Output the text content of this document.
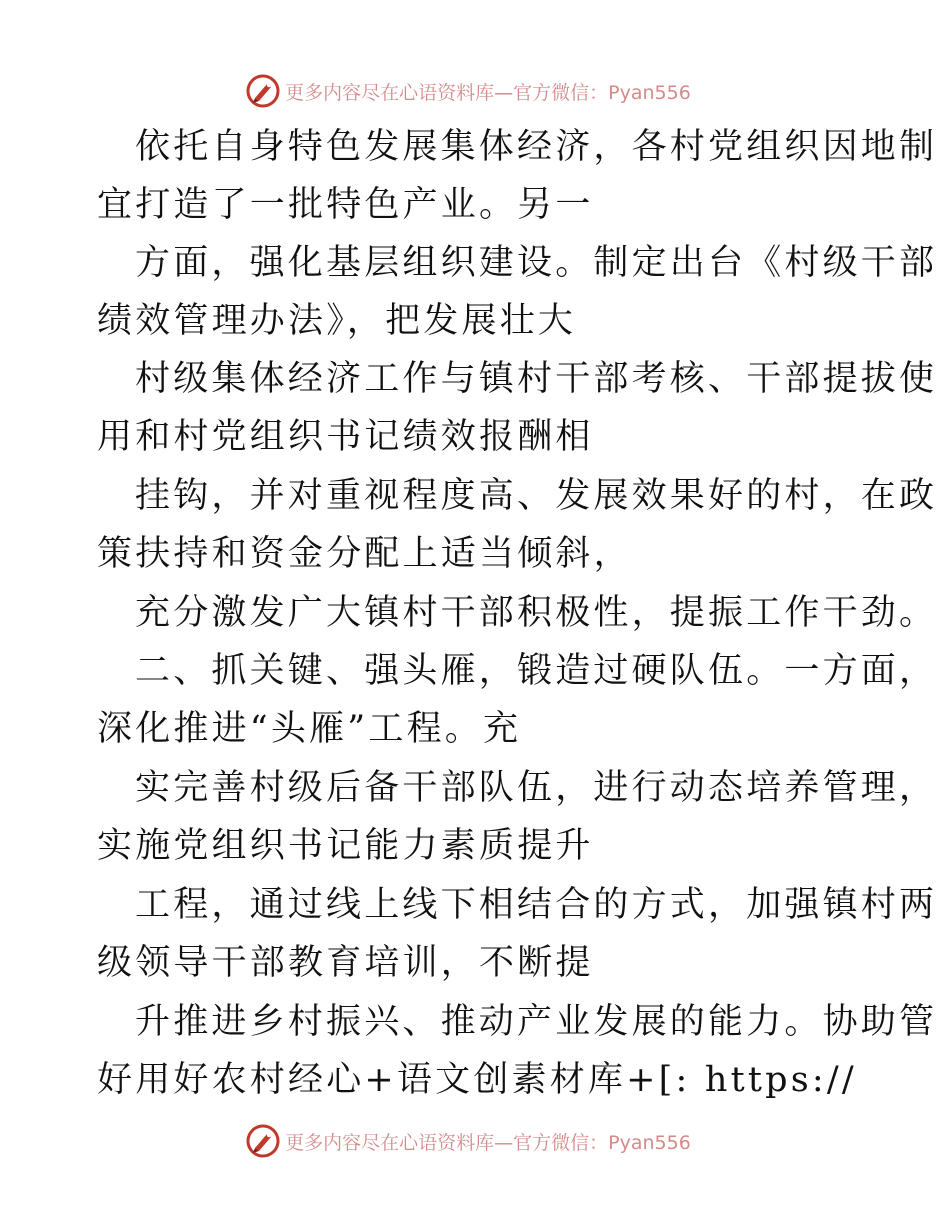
更多内容尽在心语资料库—官方微信：Pyan556
依托自身特色发展集体经济，各村党组织因地制
宜打造了一批特色产业。另一
方面，强化基层组织建设。制定出台《村级干部
绩效管理办法》，把发展壮大
村级集体经济工作与镇村干部考核、干部提拔使
用和村党组织书记绩效报酬相
挂钩，并对重视程度高、发展效果好的村，在政
策扶持和资金分配上适当倾斜，
充分激发广大镇村干部积极性，提振工作干劲。
二、抓关键、强头雁，锻造过硬队伍。一方面，
深化推进“头雁”工程。充
实完善村级后备干部队伍，进行动态培养管理，
实施党组织书记能力素质提升
工程，通过线上线下相结合的方式，加强镇村两
级领导干部教育培训，不断提
升推进乡村振兴、推动产业发展的能力。协助管
好用好农村经心+语文创素材库+[: https://
更多内容尽在心语资料库—官方微信：Pyan556
